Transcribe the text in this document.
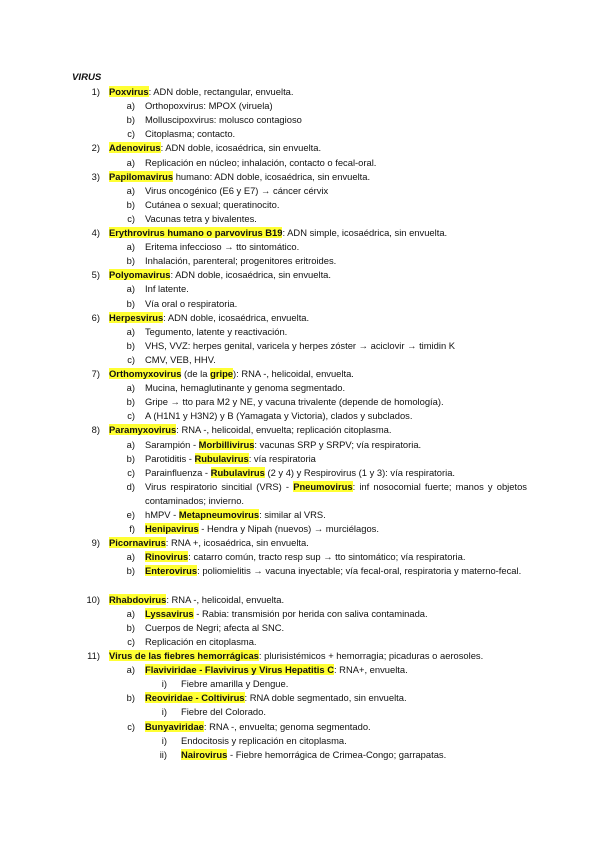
VIRUS
1) Poxvirus: ADN doble, rectangular, envuelta.
a) Orthopoxvirus: MPOX (viruela)
b) Molluscipoxvirus: molusco contagioso
c) Citoplasma; contacto.
2) Adenovirus: ADN doble, icosaédrica, sin envuelta.
a) Replicación en núcleo; inhalación, contacto o fecal-oral.
3) Papilomavirus humano: ADN doble, icosaédrica, sin envuelta.
a) Virus oncogénico (E6 y E7) → cáncer cérvix
b) Cutánea o sexual; queratinocito.
c) Vacunas tetra y bivalentes.
4) Erythrovirus humano o parvovirus B19: ADN simple, icosaédrica, sin envuelta.
a) Eritema infeccioso → tto sintomático.
b) Inhalación, parenteral; progenitores eritroides.
5) Polyomavirus: ADN doble, icosaédrica, sin envuelta.
a) Inf latente.
b) Vía oral o respiratoria.
6) Herpesvirus: ADN doble, icosaédrica, envuelta.
a) Tegumento, latente y reactivación.
b) VHS, VVZ: herpes genital, varicela y herpes zóster → aciclovir → timidin K
c) CMV, VEB, HHV.
7) Orthomyxovirus (de la gripe): RNA -, helicoidal, envuelta.
a) Mucina, hemaglutinante y genoma segmentado.
b) Gripe → tto para M2 y NE, y vacuna trivalente (depende de homología).
c) A (H1N1 y H3N2) y B (Yamagata y Victoria), clados y subclados.
8) Paramyxovirus: RNA -, helicoidal, envuelta; replicación citoplasma.
a) Sarampión - Morbillivirus: vacunas SRP y SRPV; vía respiratoria.
b) Parotiditis - Rubulavirus: vía respiratoria
c) Parainfluenza - Rubulavirus (2 y 4) y Respirovirus (1 y 3): vía respiratoria.
d) Virus respiratorio sincitial (VRS) - Pneumovirus: inf nosocomial fuerte; manos y objetos contaminados; invierno.
e) hMPV - Metapneumovirus: similar al VRS.
f) Henipavirus - Hendra y Nipah (nuevos) → murciélagos.
9) Picornavirus: RNA +, icosaédrica, sin envuelta.
a) Rinovirus: catarro común, tracto resp sup → tto sintomático; vía respiratoria.
b) Enterovirus: poliomielitis → vacuna inyectable; vía fecal-oral, respiratoria y materno-fecal.
10) Rhabdovirus: RNA -, helicoidal, envuelta.
a) Lyssavirus - Rabia: transmisión por herida con saliva contaminada.
b) Cuerpos de Negri; afecta al SNC.
c) Replicación en citoplasma.
11) Virus de las fiebres hemorrágicas: plurisistémicos + hemorragia; picaduras o aerosoles.
a) Flaviviridae - Flavivirus y Virus Hepatitis C: RNA+, envuelta.
i) Fiebre amarilla y Dengue.
b) Reoviridae - Coltivirus: RNA doble segmentado, sin envuelta.
i) Fiebre del Colorado.
c) Bunyaviridae: RNA -, envuelta; genoma segmentado.
i) Endocitosis y replicación en citoplasma.
ii) Nairovirus - Fiebre hemorrágica de Crimea-Congo; garrapatas.
